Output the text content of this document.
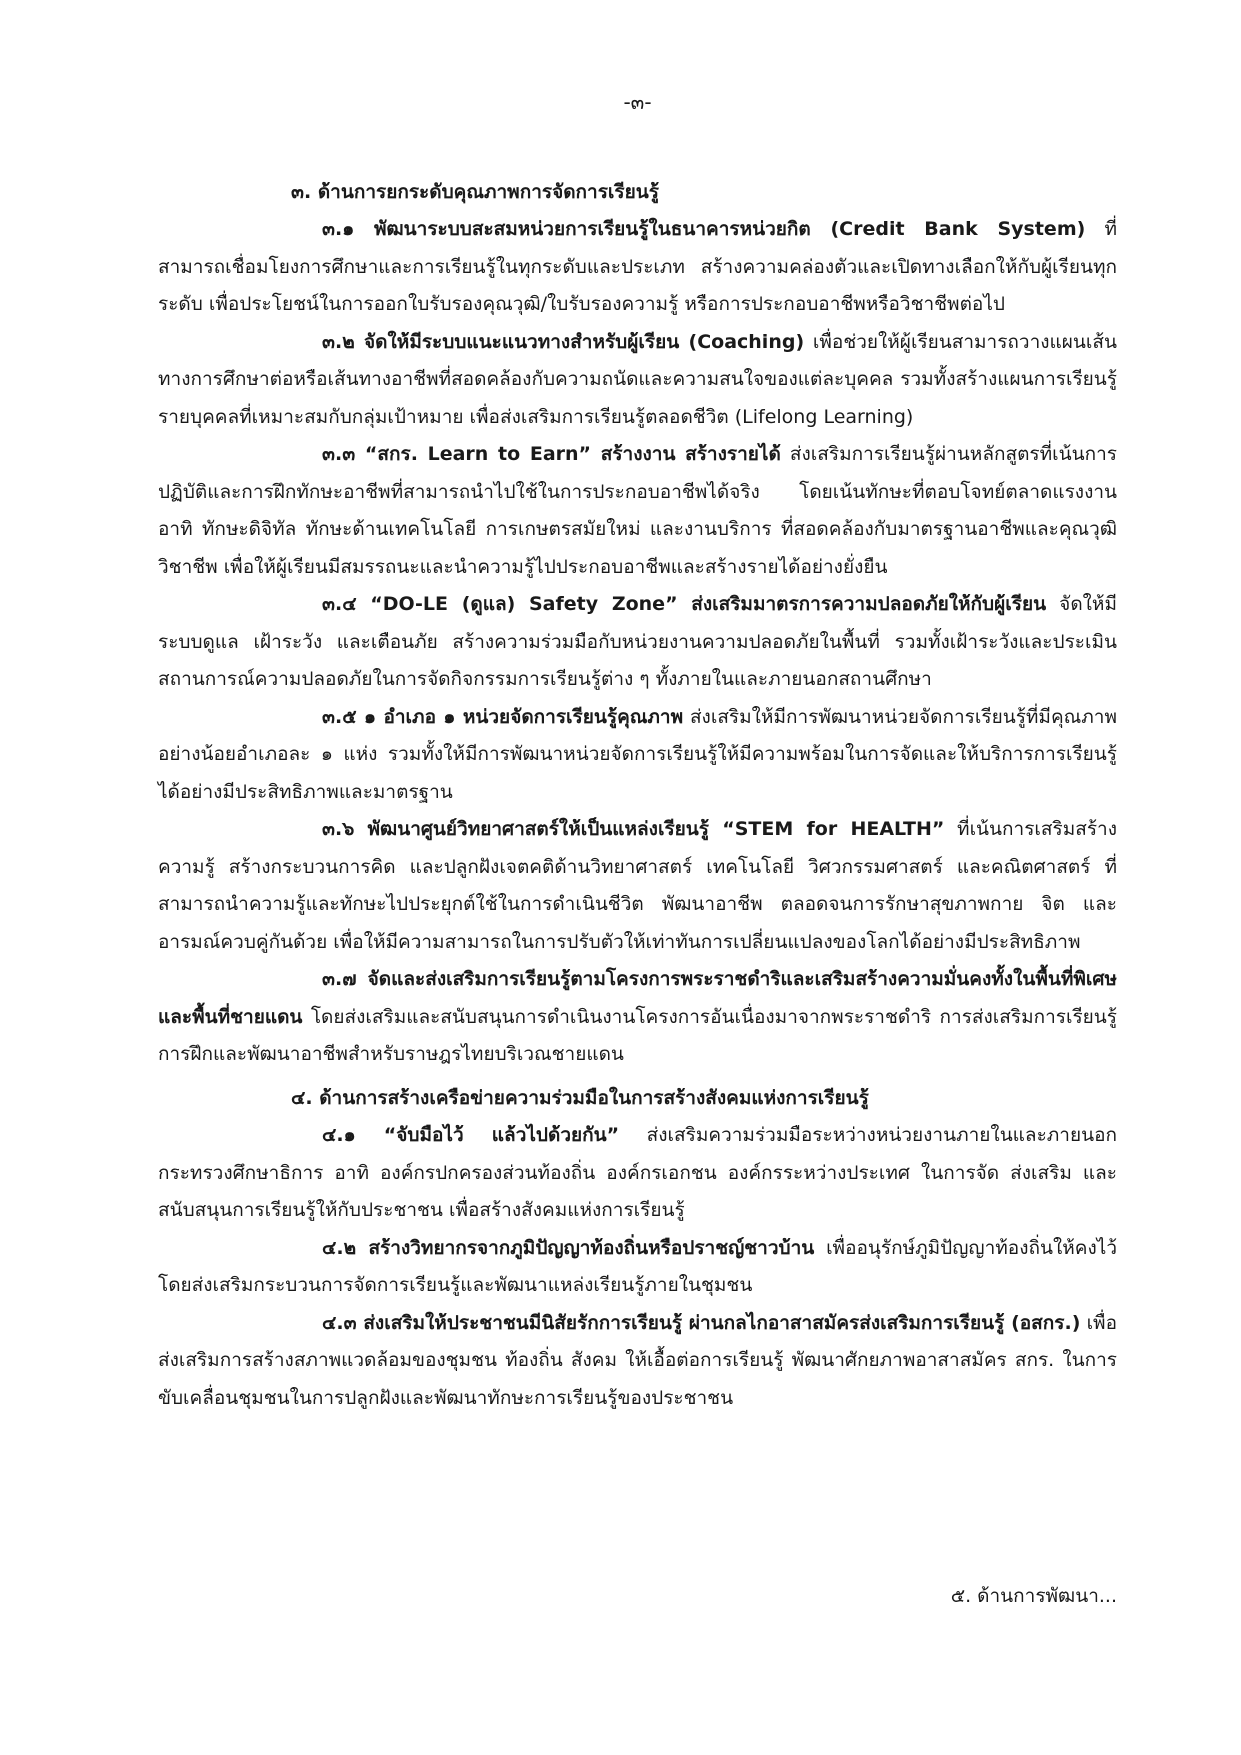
-๓-

๓. ด้านการยกระดับคุณภาพการจัดการเรียนรู้

๓.๑ พัฒนาระบบสะสมหน่วยการเรียนรู้ในธนาคารหน่วยกิต (Credit Bank System) ที่สามารถเชื่อมโยงการศึกษาและการเรียนรู้ในทุกระดับและประเภท สร้างความคล่องตัวและเปิดทางเลือกให้กับผู้เรียนทุกระดับ เพื่อประโยชน์ในการออกใบรับรองคุณวุฒิ/ใบรับรองความรู้ หรือการประกอบอาชีพหรือวิชาชีพต่อไป

๓.๒ จัดให้มีระบบแนะแนวทางสำหรับผู้เรียน (Coaching) เพื่อช่วยให้ผู้เรียนสามารถวางแผนเส้นทางการศึกษาต่อหรือเส้นทางอาชีพที่สอดคล้องกับความถนัดและความสนใจของแต่ละบุคคล รวมทั้งสร้างแผนการเรียนรู้รายบุคคลที่เหมาะสมกับกลุ่มเป้าหมาย เพื่อส่งเสริมการเรียนรู้ตลอดชีวิต (Lifelong Learning)

๓.๓ “สกร. Learn to Earn” สร้างงาน สร้างรายได้ ส่งเสริมการเรียนรู้ผ่านหลักสูตรที่เน้นการปฏิบัติและการฝึกทักษะอาชีพที่สามารถนำไปใช้ในการประกอบอาชีพได้จริง โดยเน้นทักษะที่ตอบโจทย์ตลาดแรงงาน อาทิ ทักษะดิจิทัล ทักษะด้านเทคโนโลยี การเกษตรสมัยใหม่ และงานบริการ ที่สอดคล้องกับมาตรฐานอาชีพและคุณวุฒิวิชาชีพ เพื่อให้ผู้เรียนมีสมรรถนะและนำความรู้ไปประกอบอาชีพและสร้างรายได้อย่างยั่งยืน

๓.๔ “DO-LE (ดูแล) Safety Zone” ส่งเสริมมาตรการความปลอดภัยให้กับผู้เรียน จัดให้มีระบบดูแล เฝ้าระวัง และเตือนภัย สร้างความร่วมมือกับหน่วยงานความปลอดภัยในพื้นที่ รวมทั้งเฝ้าระวังและประเมินสถานการณ์ความปลอดภัยในการจัดกิจกรรมการเรียนรู้ต่าง ๆ ทั้งภายในและภายนอกสถานศึกษา

๓.๕ ๑ อำเภอ ๑ หน่วยจัดการเรียนรู้คุณภาพ ส่งเสริมให้มีการพัฒนาหน่วยจัดการเรียนรู้ที่มีคุณภาพ อย่างน้อยอำเภอละ ๑ แห่ง รวมทั้งให้มีการพัฒนาหน่วยจัดการเรียนรู้ให้มีความพร้อมในการจัดและให้บริการการเรียนรู้ได้อย่างมีประสิทธิภาพและมาตรฐาน

๓.๖ พัฒนาศูนย์วิทยาศาสตร์ให้เป็นแหล่งเรียนรู้ “STEM for HEALTH” ที่เน้นการเสริมสร้างความรู้ สร้างกระบวนการคิด และปลูกฝังเจตคติด้านวิทยาศาสตร์ เทคโนโลยี วิศวกรรมศาสตร์ และคณิตศาสตร์ ที่สามารถนำความรู้และทักษะไปประยุกต์ใช้ในการดำเนินชีวิต พัฒนาอาชีพ ตลอดจนการรักษาสุขภาพกาย จิต และอารมณ์ควบคู่กันด้วย เพื่อให้มีความสามารถในการปรับตัวให้เท่าทันการเปลี่ยนแปลงของโลกได้อย่างมีประสิทธิภาพ

๓.๗ จัดและส่งเสริมการเรียนรู้ตามโครงการพระราชดำริและเสริมสร้างความมั่นคงทั้งในพื้นที่พิเศษและพื้นที่ชายแดน โดยส่งเสริมและสนับสนุนการดำเนินงานโครงการอันเนื่องมาจากพระราชดำริ การส่งเสริมการเรียนรู้ การฝึกและพัฒนาอาชีพสำหรับราษฎรไทยบริเวณชายแดน

๔. ด้านการสร้างเครือข่ายความร่วมมือในการสร้างสังคมแห่งการเรียนรู้

๔.๑ “จับมือไว้ แล้วไปด้วยกัน” ส่งเสริมความร่วมมือระหว่างหน่วยงานภายในและภายนอกกระทรวงศึกษาธิการ อาทิ องค์กรปกครองส่วนท้องถิ่น องค์กรเอกชน องค์กรระหว่างประเทศ ในการจัด ส่งเสริม และสนับสนุนการเรียนรู้ให้กับประชาชน เพื่อสร้างสังคมแห่งการเรียนรู้

๔.๒ สร้างวิทยากรจากภูมิปัญญาท้องถิ่นหรือปราชญ์ชาวบ้าน เพื่ออนุรักษ์ภูมิปัญญาท้องถิ่นให้คงไว้ โดยส่งเสริมกระบวนการจัดการเรียนรู้และพัฒนาแหล่งเรียนรู้ภายในชุมชน

๔.๓ ส่งเสริมให้ประชาชนมีนิสัยรักการเรียนรู้ ผ่านกลไกอาสาสมัครส่งเสริมการเรียนรู้ (อสกร.) เพื่อส่งเสริมการสร้างสภาพแวดล้อมของชุมชน ท้องถิ่น สังคม ให้เอื้อต่อการเรียนรู้ พัฒนาศักยภาพอาสาสมัคร สกร. ในการขับเคลื่อนชุมชนในการปลูกฝังและพัฒนาทักษะการเรียนรู้ของประชาชน

๕. ด้านการพัฒนา...
